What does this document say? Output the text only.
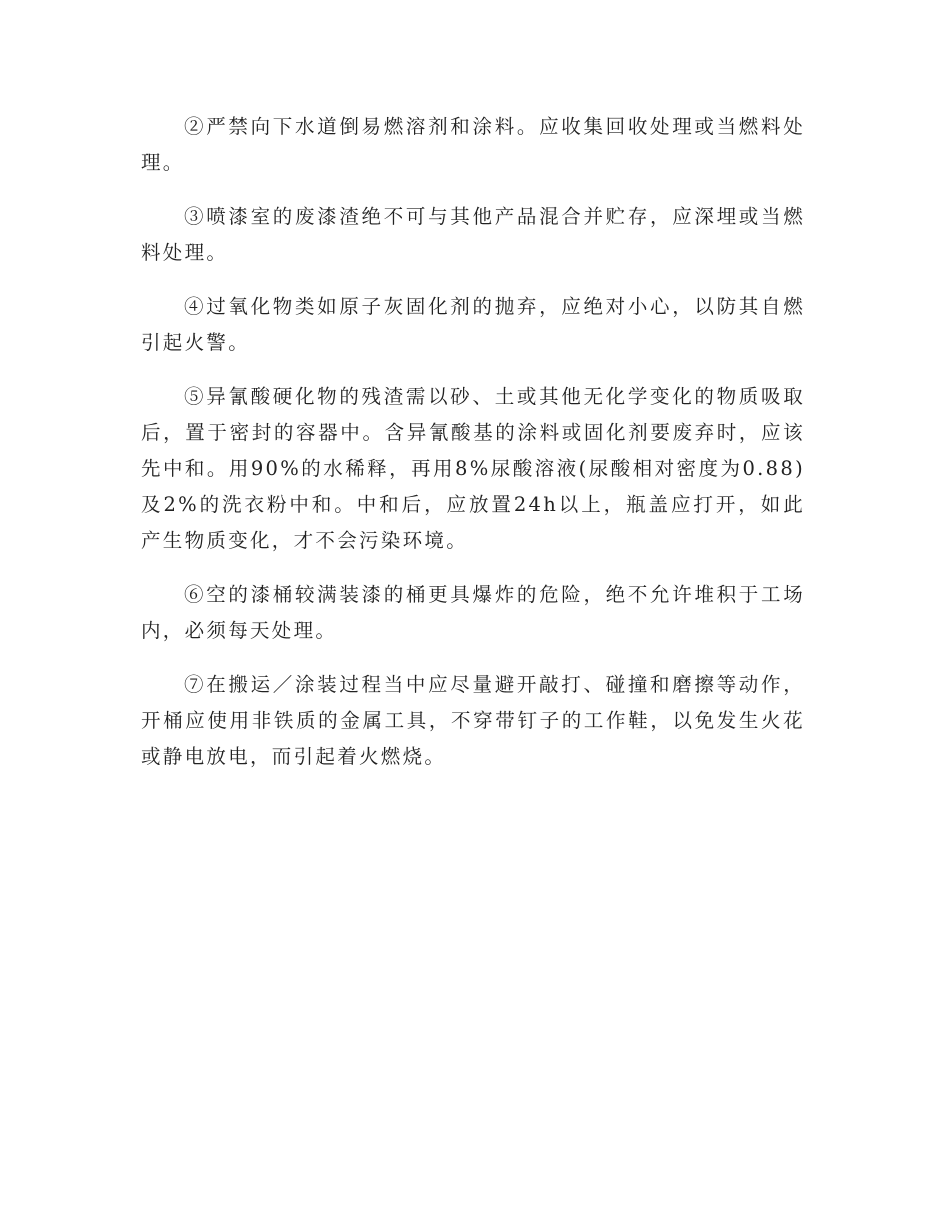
②严禁向下水道倒易燃溶剂和涂料。应收集回收处理或当燃料处理。

③喷漆室的废漆渣绝不可与其他产品混合并贮存，应深埋或当燃料处理。

④过氧化物类如原子灰固化剂的抛弃，应绝对小心，以防其自燃引起火警。

⑤异氰酸硬化物的残渣需以砂、土或其他无化学变化的物质吸取后，置于密封的容器中。含异氰酸基的涂料或固化剂要废弃时，应该先中和。用90%的水稀释，再用8%尿酸溶液(尿酸相对密度为0.88)及2%的洗衣粉中和。中和后，应放置24h以上，瓶盖应打开，如此产生物质变化，才不会污染环境。

⑥空的漆桶较满装漆的桶更具爆炸的危险，绝不允许堆积于工场内，必须每天处理。

⑦在搬运／涂装过程当中应尽量避开敲打、碰撞和磨擦等动作，开桶应使用非铁质的金属工具，不穿带钉子的工作鞋，以免发生火花或静电放电，而引起着火燃烧。
